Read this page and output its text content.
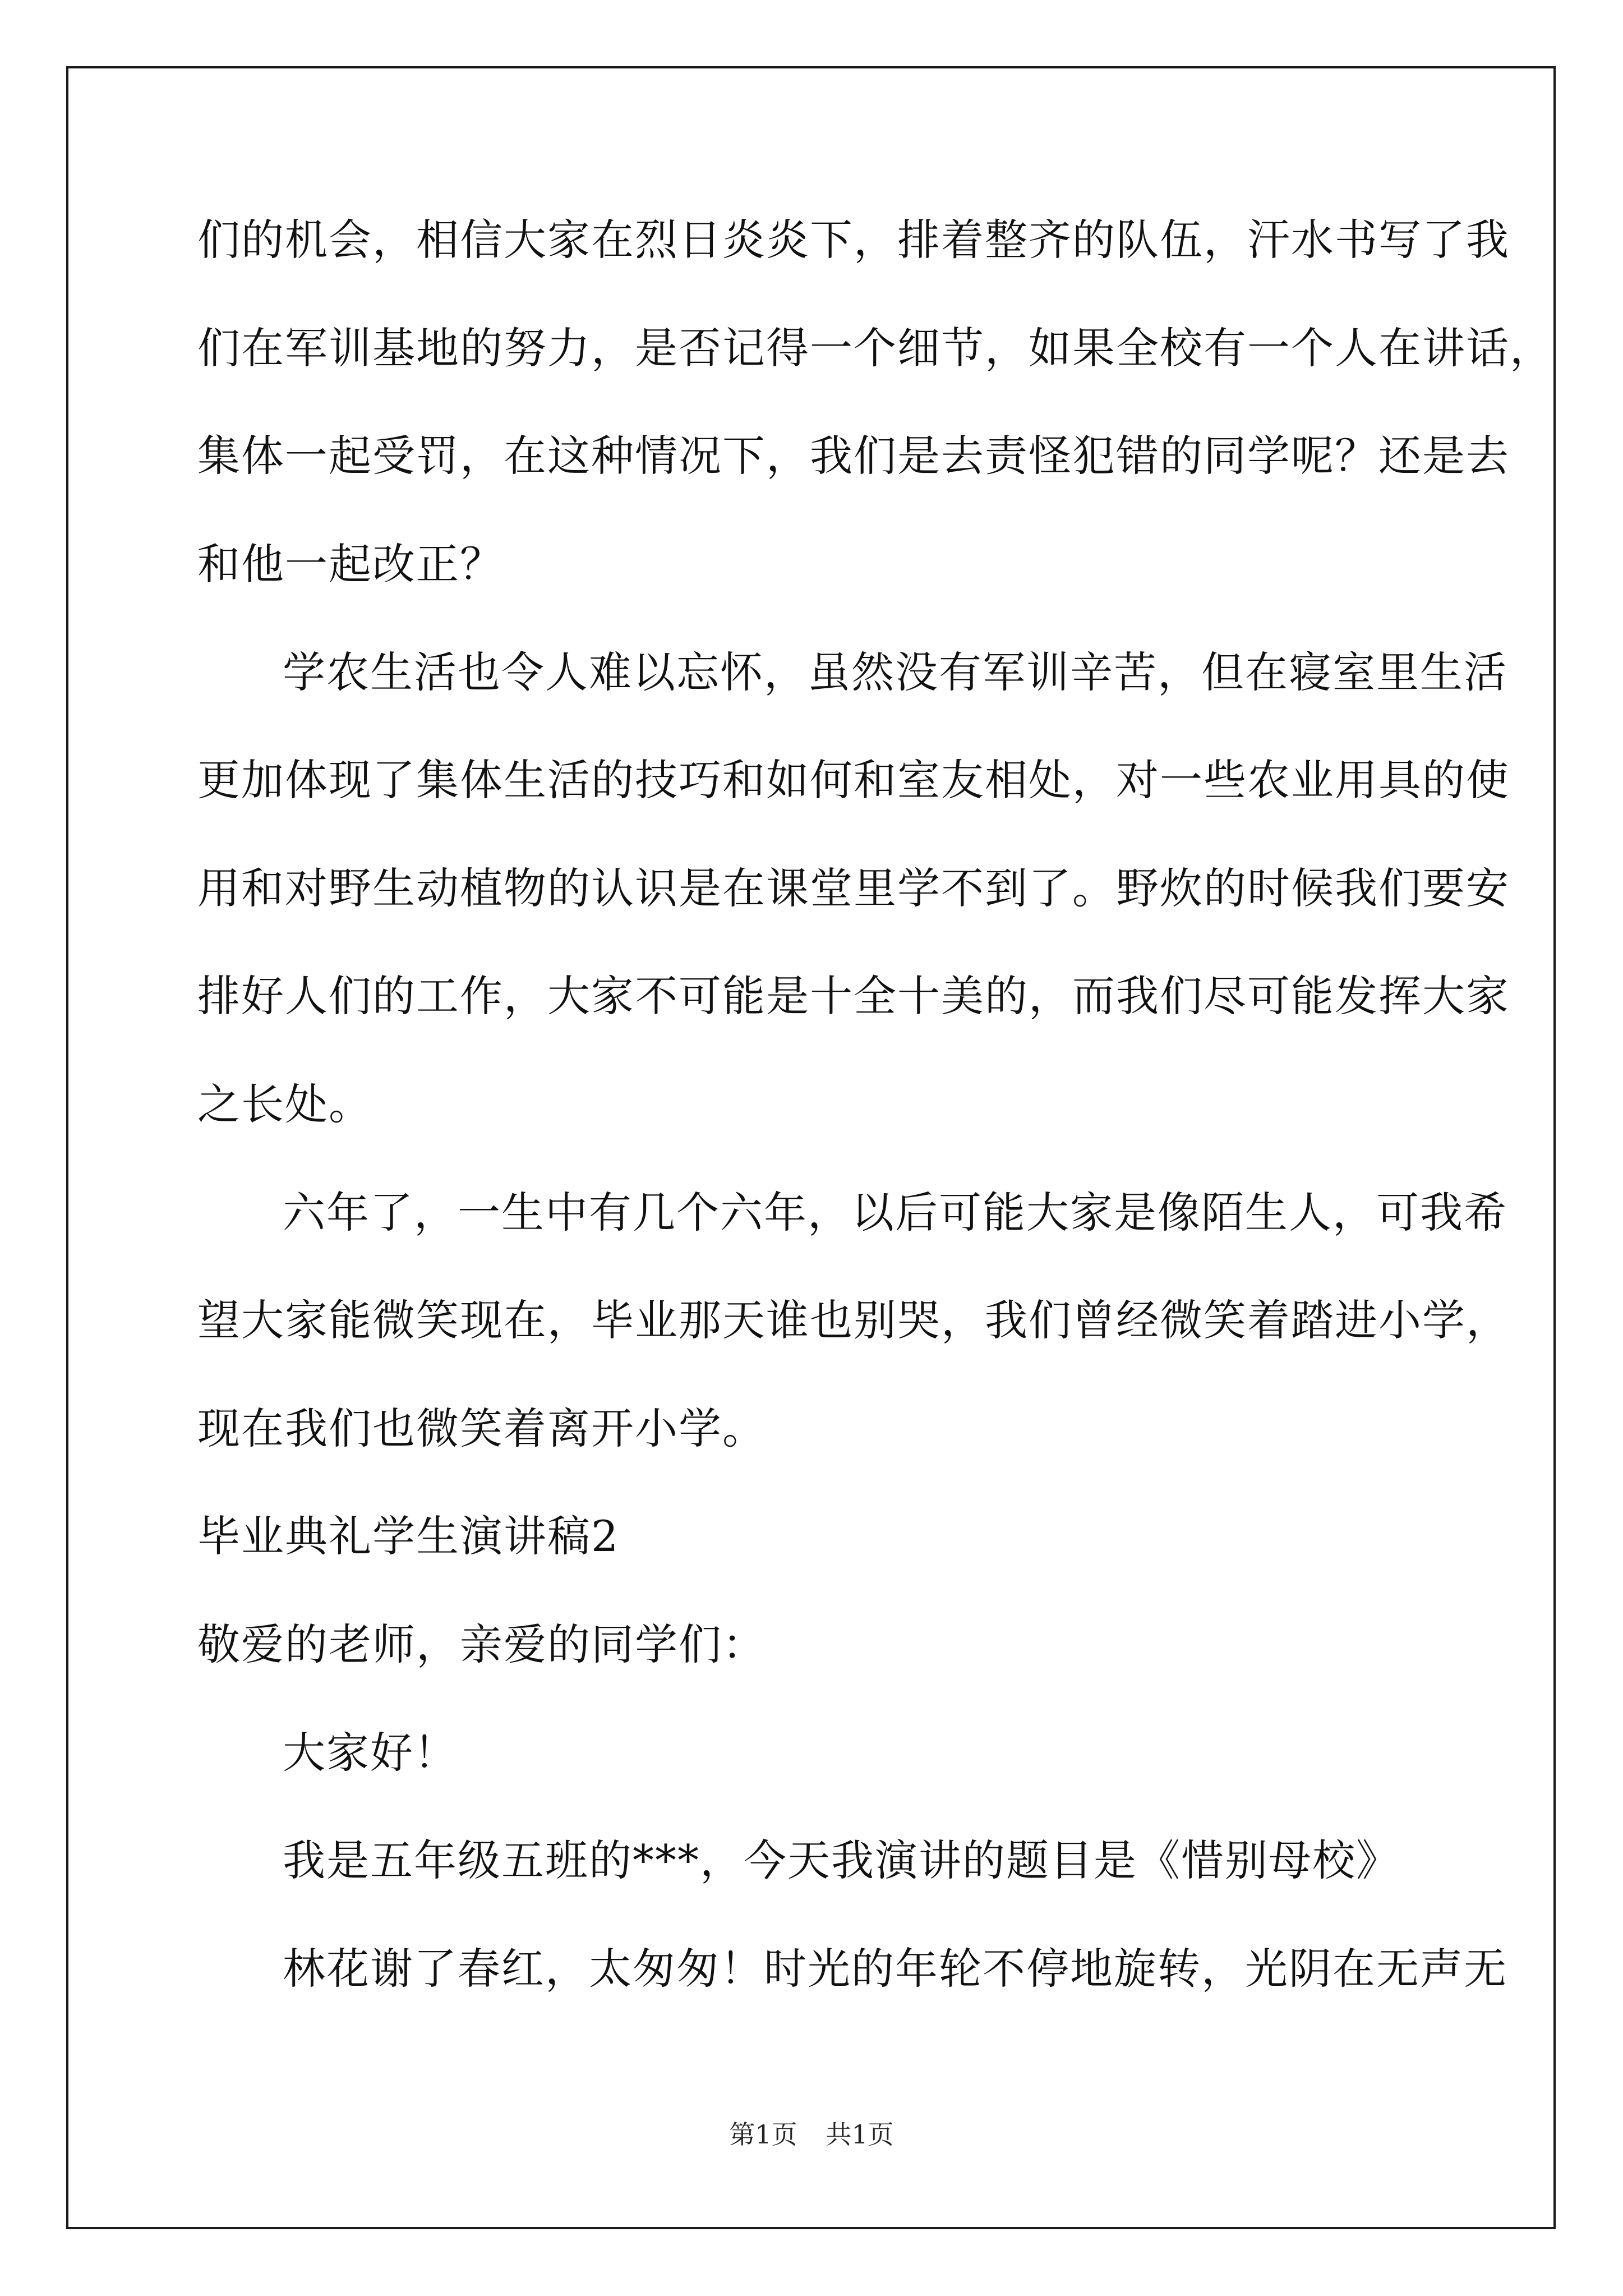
们的机会，相信大家在烈日炎炎下，排着整齐的队伍，汗水书写了我
们在军训基地的努力，是否记得一个细节，如果全校有一个人在讲话，
集体一起受罚，在这种情况下，我们是去责怪犯错的同学呢？还是去
和他一起改正？
学农生活也令人难以忘怀，虽然没有军训辛苦，但在寝室里生活
更加体现了集体生活的技巧和如何和室友相处，对一些农业用具的使
用和对野生动植物的认识是在课堂里学不到了。野炊的时候我们要安
排好人们的工作，大家不可能是十全十美的，而我们尽可能发挥大家
之长处。
六年了，一生中有几个六年，以后可能大家是像陌生人，可我希
望大家能微笑现在，毕业那天谁也别哭，我们曾经微笑着踏进小学，
现在我们也微笑着离开小学。
毕业典礼学生演讲稿2
敬爱的老师，亲爱的同学们：
大家好！
我是五年级五班的***，今天我演讲的题目是《惜别母校》
林花谢了春红，太匆匆！时光的年轮不停地旋转，光阴在无声无
第1页 共1页
